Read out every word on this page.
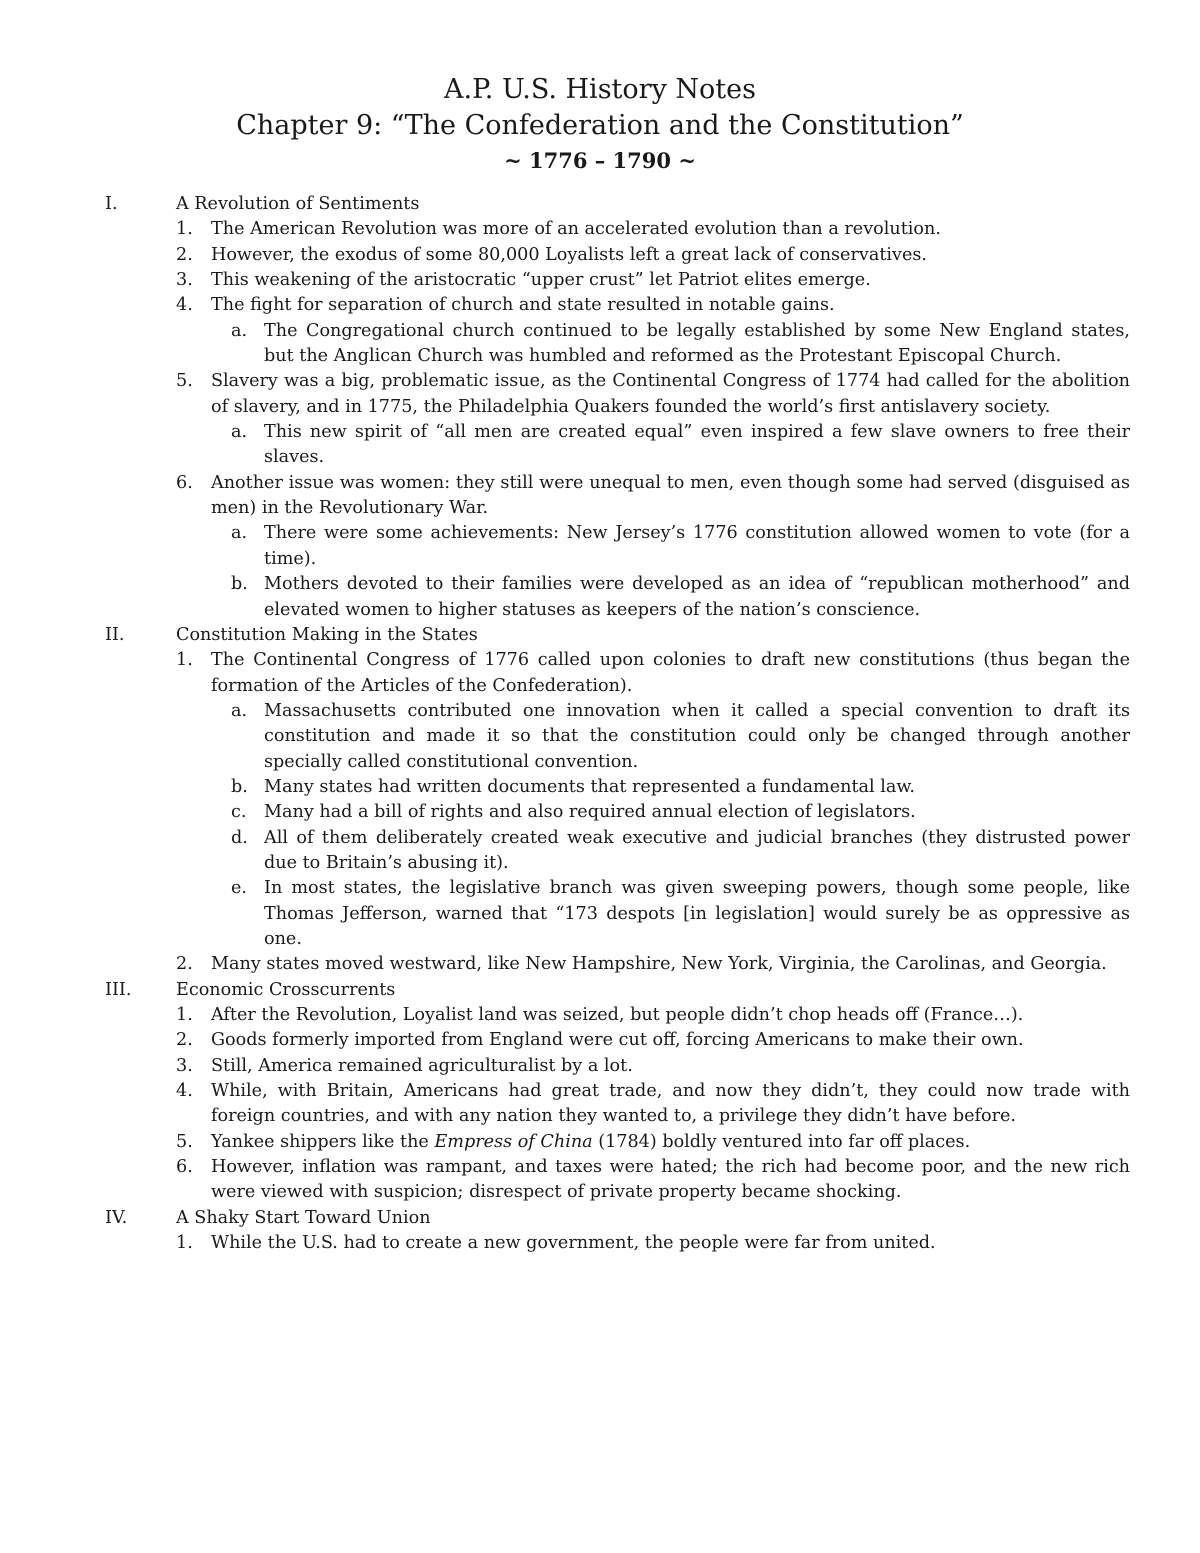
A.P. U.S. History Notes
Chapter 9: “The Confederation and the Constitution”
~ 1776 – 1790 ~
I.	A Revolution of Sentiments
1. The American Revolution was more of an accelerated evolution than a revolution.
2. However, the exodus of some 80,000 Loyalists left a great lack of conservatives.
3. This weakening of the aristocratic “upper crust” let Patriot elites emerge.
4. The fight for separation of church and state resulted in notable gains.
a. The Congregational church continued to be legally established by some New England states, but the Anglican Church was humbled and reformed as the Protestant Episcopal Church.
5. Slavery was a big, problematic issue, as the Continental Congress of 1774 had called for the abolition of slavery, and in 1775, the Philadelphia Quakers founded the world’s first antislavery society.
a. This new spirit of “all men are created equal” even inspired a few slave owners to free their slaves.
6. Another issue was women: they still were unequal to men, even though some had served (disguised as men) in the Revolutionary War.
a. There were some achievements: New Jersey’s 1776 constitution allowed women to vote (for a time).
b. Mothers devoted to their families were developed as an idea of “republican motherhood” and elevated women to higher statuses as keepers of the nation’s conscience.
II.	Constitution Making in the States
1. The Continental Congress of 1776 called upon colonies to draft new constitutions (thus began the formation of the Articles of the Confederation).
a. Massachusetts contributed one innovation when it called a special convention to draft its constitution and made it so that the constitution could only be changed through another specially called constitutional convention.
b. Many states had written documents that represented a fundamental law.
c. Many had a bill of rights and also required annual election of legislators.
d. All of them deliberately created weak executive and judicial branches (they distrusted power due to Britain’s abusing it).
e. In most states, the legislative branch was given sweeping powers, though some people, like Thomas Jefferson, warned that “173 despots [in legislation] would surely be as oppressive as one.
2. Many states moved westward, like New Hampshire, New York, Virginia, the Carolinas, and Georgia.
III.	Economic Crosscurrents
1. After the Revolution, Loyalist land was seized, but people didn’t chop heads off (France…).
2. Goods formerly imported from England were cut off, forcing Americans to make their own.
3. Still, America remained agriculturalist by a lot.
4. While, with Britain, Americans had great trade, and now they didn’t, they could now trade with foreign countries, and with any nation they wanted to, a privilege they didn’t have before.
5. Yankee shippers like the Empress of China (1784) boldly ventured into far off places.
6. However, inflation was rampant, and taxes were hated; the rich had become poor, and the new rich were viewed with suspicion; disrespect of private property became shocking.
IV.	A Shaky Start Toward Union
1. While the U.S. had to create a new government, the people were far from united.
